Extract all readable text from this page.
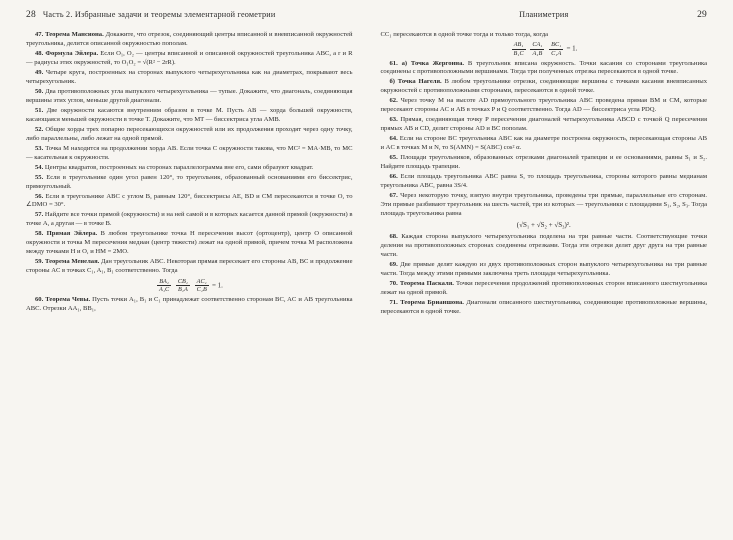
28 Часть 2. Избранные задачи и теоремы элементарной геометрии

47. Теорема Мансиона. Докажите, что отрезок, соединяющий центры вписанной и вневписанной окружностей треугольника, делится описанной окружностью пополам.

48. Формула Эйлера. Если O₁, O₂ — центры вписанной и описанной окружностей треугольника ABC, a r и R — радиусы этих окружностей, то O₁O₂ = √(R² − 2rR).

49. Четыре круга, построенных на сторонах выпуклого четырехугольника как на диаметрах, покрывают весь четырехугольник.

50. Два противоположных угла выпуклого четырехугольника — тупые. Докажите, что диагональ, соединяющая вершины этих углов, меньше другой диагонали.

51. Две окружности касаются внутренним образом в точке M. Пусть AB — хорда большей окружности, касающаяся меньшей окружности в точке T. Докажите, что MT — биссектриса угла AMB.

52. Общие хорды трех попарно пересекающихся окружностей или их продолжения проходят через одну точку, либо параллельны, либо лежат на одной прямой.

53. Точка M находится на продолжении хорда AB. Если точка C окружности такова, что MC² = MA·MB, то MC — касательная к окружности.

54. Центры квадратов, построенных на сторонах параллелограмма вне его, сами образуют квадрат.

55. Если в треугольнике один угол равен 120°, то треугольник, образованный основаниями его биссектрис, прямоугольный.

56. Если в треугольнике ABC с углом B, равным 120°, биссектрисы AE, BD и CM пересекаются в точке O, то ∠DMO = 30°.

57. Найдите все точки прямой (окружности) и на ней самой и в которых касается данной прямой (окружности) в точке A, а другая — в точке B.

58. Прямая Эйлера. В любом треугольнике точка H пересечения высот (ортоцентр), центр O описанной окружности и точка M пересечения медиан (центр тяжести) лежат на одной прямой, причем точка M расположена между точками H и O, и HM = 2MO.

59. Теорема Менелая. Дан треугольник ABC. Некоторая прямая пересекает его стороны AB, BC и продолжение стороны AC в точках C₁, A₁, B₁ соответственно. Тогда

$\frac{\text{BA₁}}{\text{A₁C}}$
$\frac{\text{CB₁}}{\text{B₁A}}$
$\frac{\text{AC₁}}{\text{C₁B}} = 1$.

60. Теорема Чевы. Пусть точки A₁, B₁ и C₁ принадлежат соответственно сторонам BC, AC и AB треугольника ABC. Отрезки AA₁, BB₁,

Планиметрия	29

CC₁ пересекаются в одной точке тогда и только тогда, когда

$\frac{\text{AB₁}}{\text{B₁C}}$
$\frac{\text{CA₁}}{\text{A₁B}}$
$\frac{\text{BC₁}}{\text{C₁A}} = 1$.

61. а) Точка Жергонна. В треугольник вписана окружность. Точки касания со сторонами треугольника соединены с противоположными вершинами. Тогда три полученных отрезка пересекаются в одной точке.

б) Точка Нагеля. В любом треугольнике отрезки, соединяющие вершины с точками касания вневписанных окружностей с противоположными сторонами, пересекаются в одной точке.

62. Через точку M на высоте AD прямоугольного треугольника ABC проведена прямая BM и CM, которые пересекают стороны AC и AB в точках P и Q соответственно. Тогда AD — биссектриса угла PDQ.

63. Прямая, соединяющая точку P пересечения диагоналей четырехугольника ABCD с точкой Q пересечения прямых AB и CD, делит стороны AD и BC пополам.

64. Если на стороне BC треугольника ABC как на диаметре построена окружность, пересекающая стороны AB и AC в точках M и N, то S(AMN) = S(ABC) cos² α.

65. Площади треугольников, образованных отрезками диагоналей трапеции и ее основаниями, равны S₁ и S₂. Найдите площадь трапеции.

66. Если площадь треугольника ABC равна S, то площадь треугольника, стороны которого равны медианам треугольника ABC, равна 3S/4.

67. Через некоторую точку, взятую внутри треугольника, проведены три прямые, параллельные его сторонам. Эти прямые разбивают треугольник на шесть частей, три из которых — треугольники с площадями S₁, S₂, S₃. Тогда площадь треугольника равна

(√S₁ + √S₂ + √S₃)².

68. Каждая сторона выпуклого четырехугольника поделена на три равные части. Соответствующие точки деления на противоположных сторонах соединены отрезками. Тогда эти отрезки делят друг друга на три равные части.

69. Две прямые делят каждую из двух противоположных сторон выпуклого четырехугольника на три равные части. Тогда между этими прямыми заключена треть площади четырехугольника.

70. Теорема Паскаля. Точки пересечения продолжений противоположных сторон вписанного шестиугольника лежат на одной прямой.

71. Теорема Брианшона. Диагонали описанного шестиугольника, соединяющие противоположные вершины, пересекаются в одной точке.
